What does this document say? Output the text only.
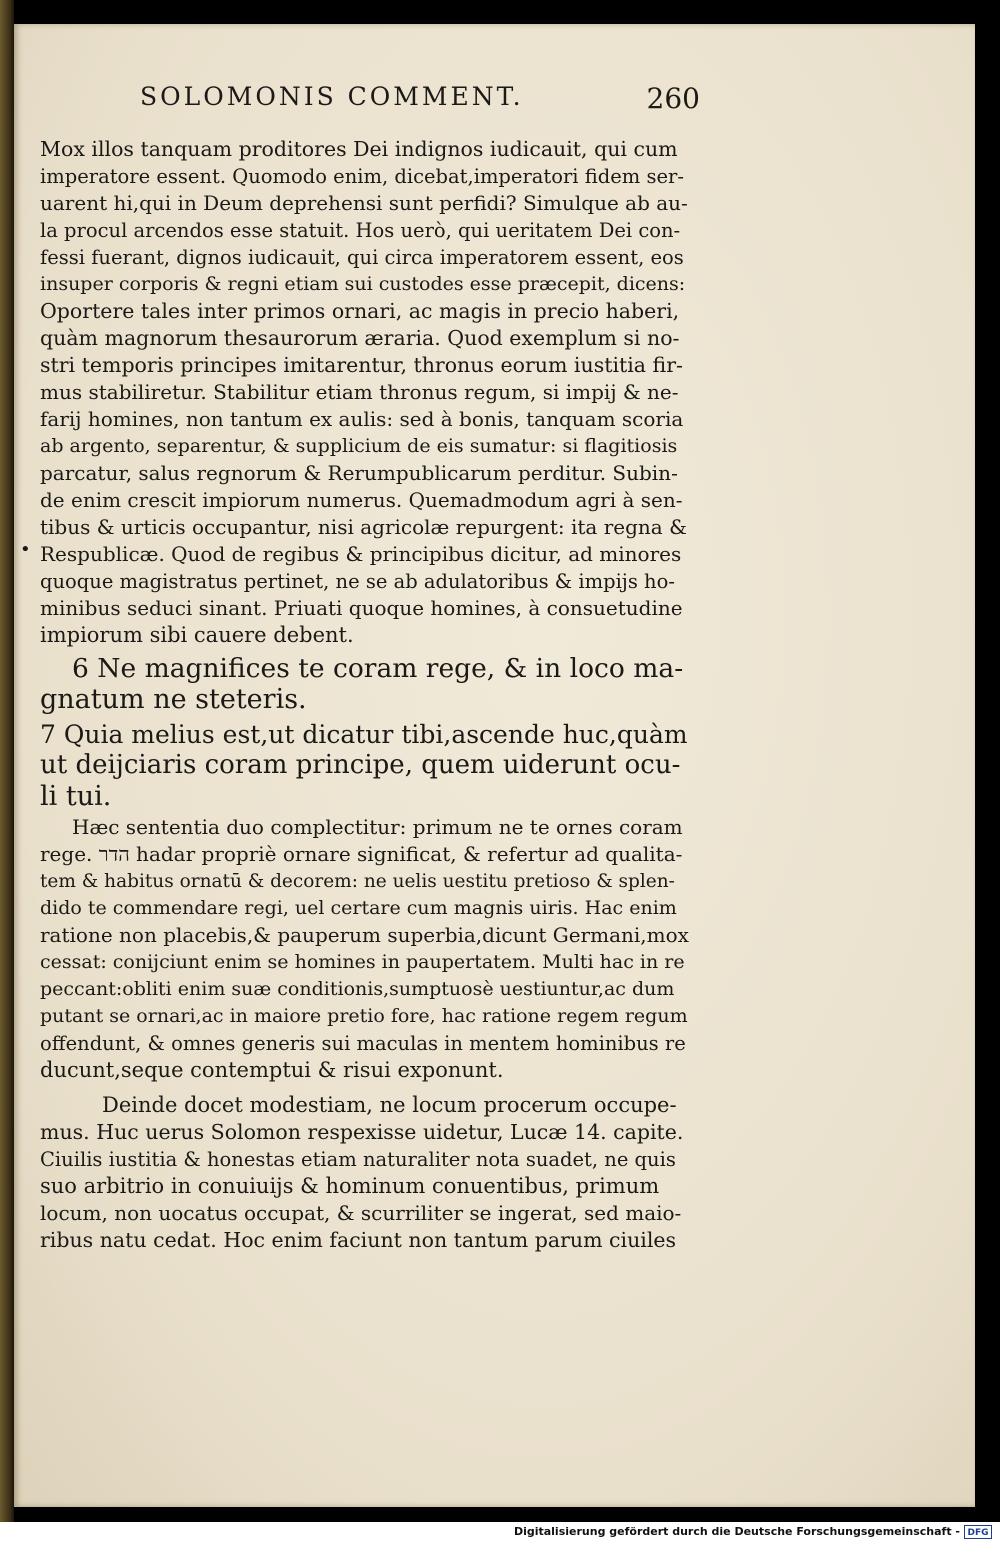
SOLOMONIS COMMENT.	260
•
Mox illos tanquam proditores Dei indignos iudicauit, qui cum
imperatore essent. Quomodo enim, dicebat,imperatori fidem ser-
uarent hi,qui in Deum deprehensi sunt perfidi? Simulque ab au-
la procul arcendos esse statuit. Hos uerò, qui ueritatem Dei con-
fessi fuerant, dignos iudicauit, qui circa imperatorem essent, eos
insuper corporis & regni etiam sui custodes esse præcepit, dicens:
Oportere tales inter primos ornari, ac magis in precio haberi,
quàm magnorum thesaurorum æraria. Quod exemplum si no-
stri temporis principes imitarentur, thronus eorum iustitia fir-
mus stabiliretur. Stabilitur etiam thronus regum, si impij & ne-
farij homines, non tantum ex aulis: sed à bonis, tanquam scoria
ab argento, separentur, & supplicium de eis sumatur: si flagitiosis
parcatur, salus regnorum & Rerumpublicarum perditur. Subin-
de enim crescit impiorum numerus. Quemadmodum agri à sen-
tibus & urticis occupantur, nisi agricolæ repurgent: ita regna &
Respublicæ. Quod de regibus & principibus dicitur, ad minores
quoque magistratus pertinet, ne se ab adulatoribus & impijs ho-
minibus seduci sinant. Priuati quoque homines, à consuetudine
impiorum sibi cauere debent.
6 Ne magnifices te coram rege, & in loco ma-
gnatum ne steteris.
7 Quia melius est,ut dicatur tibi,ascende huc,quàm
ut deijciaris coram principe, quem uiderunt ocu-
li tui.
Hæc sententia duo complectitur: primum ne te ornes coram
rege. הדר hadar propriè ornare significat, & refertur ad qualita-
tem & habitus ornatū & decorem: ne uelis uestitu pretioso & splen-
dido te commendare regi, uel certare cum magnis uiris. Hac enim
ratione non placebis,& pauperum superbia,dicunt Germani,mox
cessat: conijciunt enim se homines in paupertatem. Multi hac in re
peccant:obliti enim suæ conditionis,sumptuosè uestiuntur,ac dum
putant se ornari,ac in maiore pretio fore, hac ratione regem regum
offendunt, & omnes generis sui maculas in mentem hominibus re
ducunt,seque contemptui & risui exponunt.
Deinde docet modestiam, ne locum procerum occupe-
mus. Huc uerus Solomon respexisse uidetur, Lucæ 14. capite.
Ciuilis iustitia & honestas etiam naturaliter nota suadet, ne quis
suo arbitrio in conuiuijs & hominum conuentibus, primum
locum, non uocatus occupat, & scurriliter se ingerat, sed maio-
ribus natu cedat. Hoc enim faciunt non tantum parum ciuiles
Digitalisierung gefördert durch die Deutsche Forschungsgemeinschaft - DFG
